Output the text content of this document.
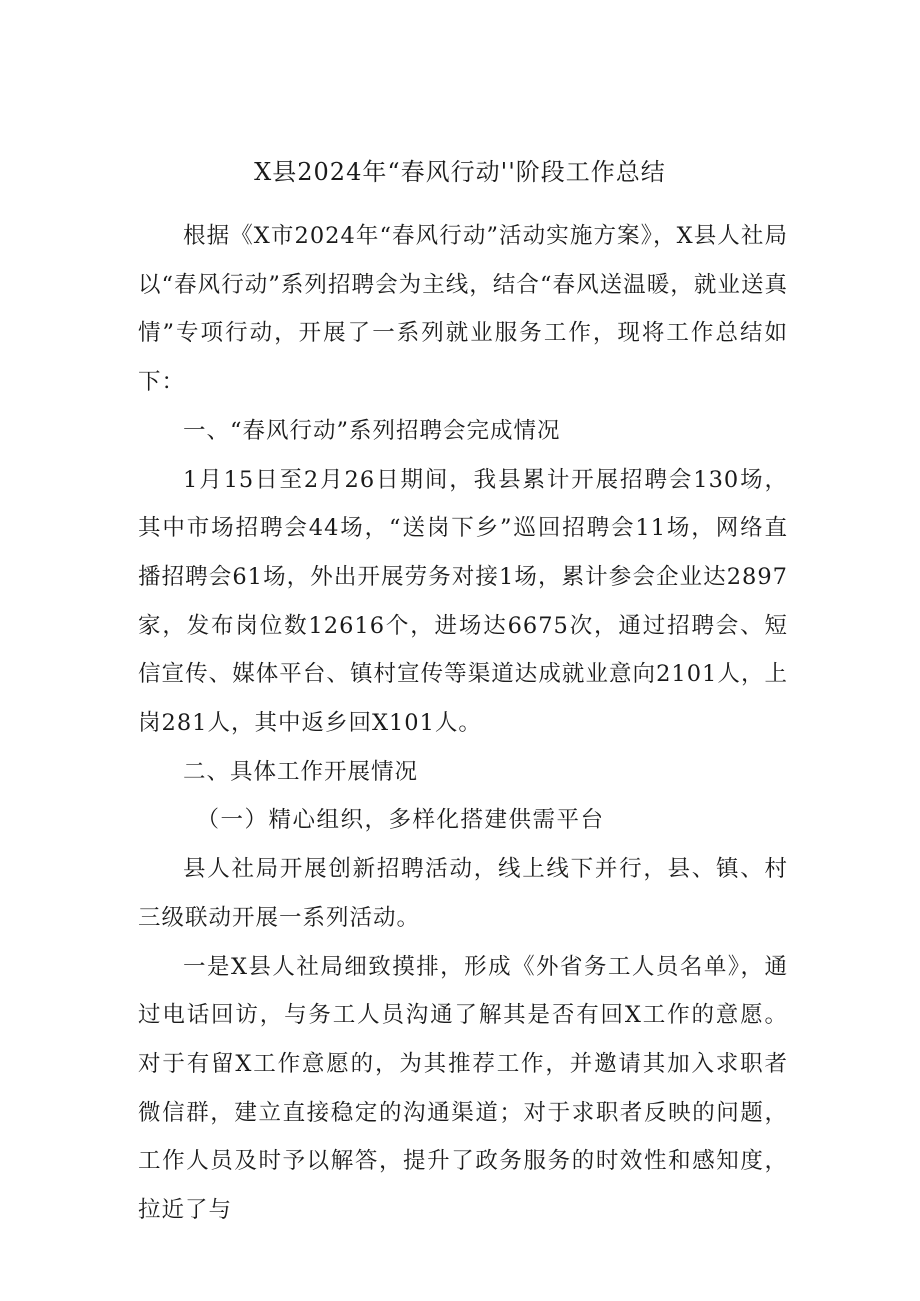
X县2024年“春风行动''阶段工作总结

根据《X市2024年“春风行动”活动实施方案》，X县人社局以“春风行动”系列招聘会为主线，结合“春风送温暖，就业送真情”专项行动，开展了一系列就业服务工作，现将工作总结如下：

一、“春风行动”系列招聘会完成情况

1月15日至2月26日期间，我县累计开展招聘会130场，其中市场招聘会44场，“送岗下乡”巡回招聘会11场，网络直播招聘会61场，外出开展劳务对接1场，累计参会企业达2897家，发布岗位数12616个，进场达6675次，通过招聘会、短信宣传、媒体平台、镇村宣传等渠道达成就业意向2101人，上岗281人，其中返乡回X101人。

二、具体工作开展情况

（一）精心组织，多样化搭建供需平台

县人社局开展创新招聘活动，线上线下并行，县、镇、村三级联动开展一系列活动。

一是X县人社局细致摸排，形成《外省务工人员名单》，通过电话回访，与务工人员沟通了解其是否有回X工作的意愿。对于有留X工作意愿的，为其推荐工作，并邀请其加入求职者微信群，建立直接稳定的沟通渠道；对于求职者反映的问题，工作人员及时予以解答，提升了政务服务的时效性和感知度，拉近了与
